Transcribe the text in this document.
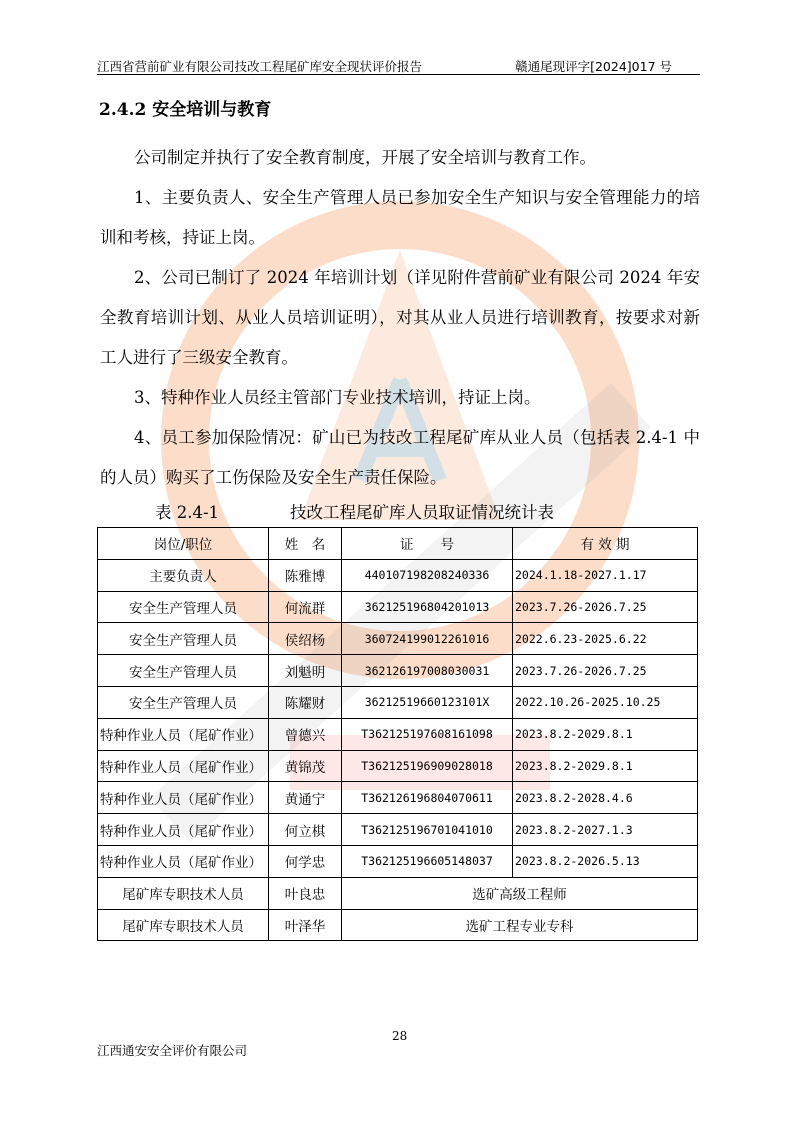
江西省营前矿业有限公司技改工程尾矿库安全现状评价报告	赣通尾现评字[2024]017 号
2.4.2 安全培训与教育

公司制定并执行了安全教育制度，开展了安全培训与教育工作。

1、主要负责人、安全生产管理人员已参加安全生产知识与安全管理能力的培训和考核，持证上岗。

2、公司已制订了 2024 年培训计划（详见附件营前矿业有限公司 2024 年安全教育培训计划、从业人员培训证明），对其从业人员进行培训教育，按要求对新工人进行了三级安全教育。

3、特种作业人员经主管部门专业技术培训，持证上岗。

4、员工参加保险情况：矿山已为技改工程尾矿库从业人员（包括表 2.4-1 中的人员）购买了工伤保险及安全生产责任保险。

表 2.4-1	技改工程尾矿库人员取证情况统计表
岗位/职位	姓　名	证　　号	有 效 期
主要负责人	陈雅博	440107198208240336	2024.1.18-2027.1.17
安全生产管理人员	何流群	362125196804201013	2023.7.26-2026.7.25
安全生产管理人员	侯绍杨	360724199012261016	2022.6.23-2025.6.22
安全生产管理人员	刘魁明	362126197008030031	2023.7.26-2026.7.25
安全生产管理人员	陈耀财	36212519660123101X	2022.10.26-2025.10.25
特种作业人员（尾矿作业）	曾德兴	T362125197608161098	2023.8.2-2029.8.1
特种作业人员（尾矿作业）	黄锦茂	T362125196909028018	2023.8.2-2029.8.1
特种作业人员（尾矿作业）	黄通宁	T362126196804070611	2023.8.2-2028.4.6
特种作业人员（尾矿作业）	何立棋	T362125196701041010	2023.8.2-2027.1.3
特种作业人员（尾矿作业）	何学忠	T362125196605148037	2023.8.2-2026.5.13
尾矿库专职技术人员	叶良忠	选矿高级工程师	
尾矿库专职技术人员	叶泽华	选矿工程专业专科	
28
江西通安安全评价有限公司
